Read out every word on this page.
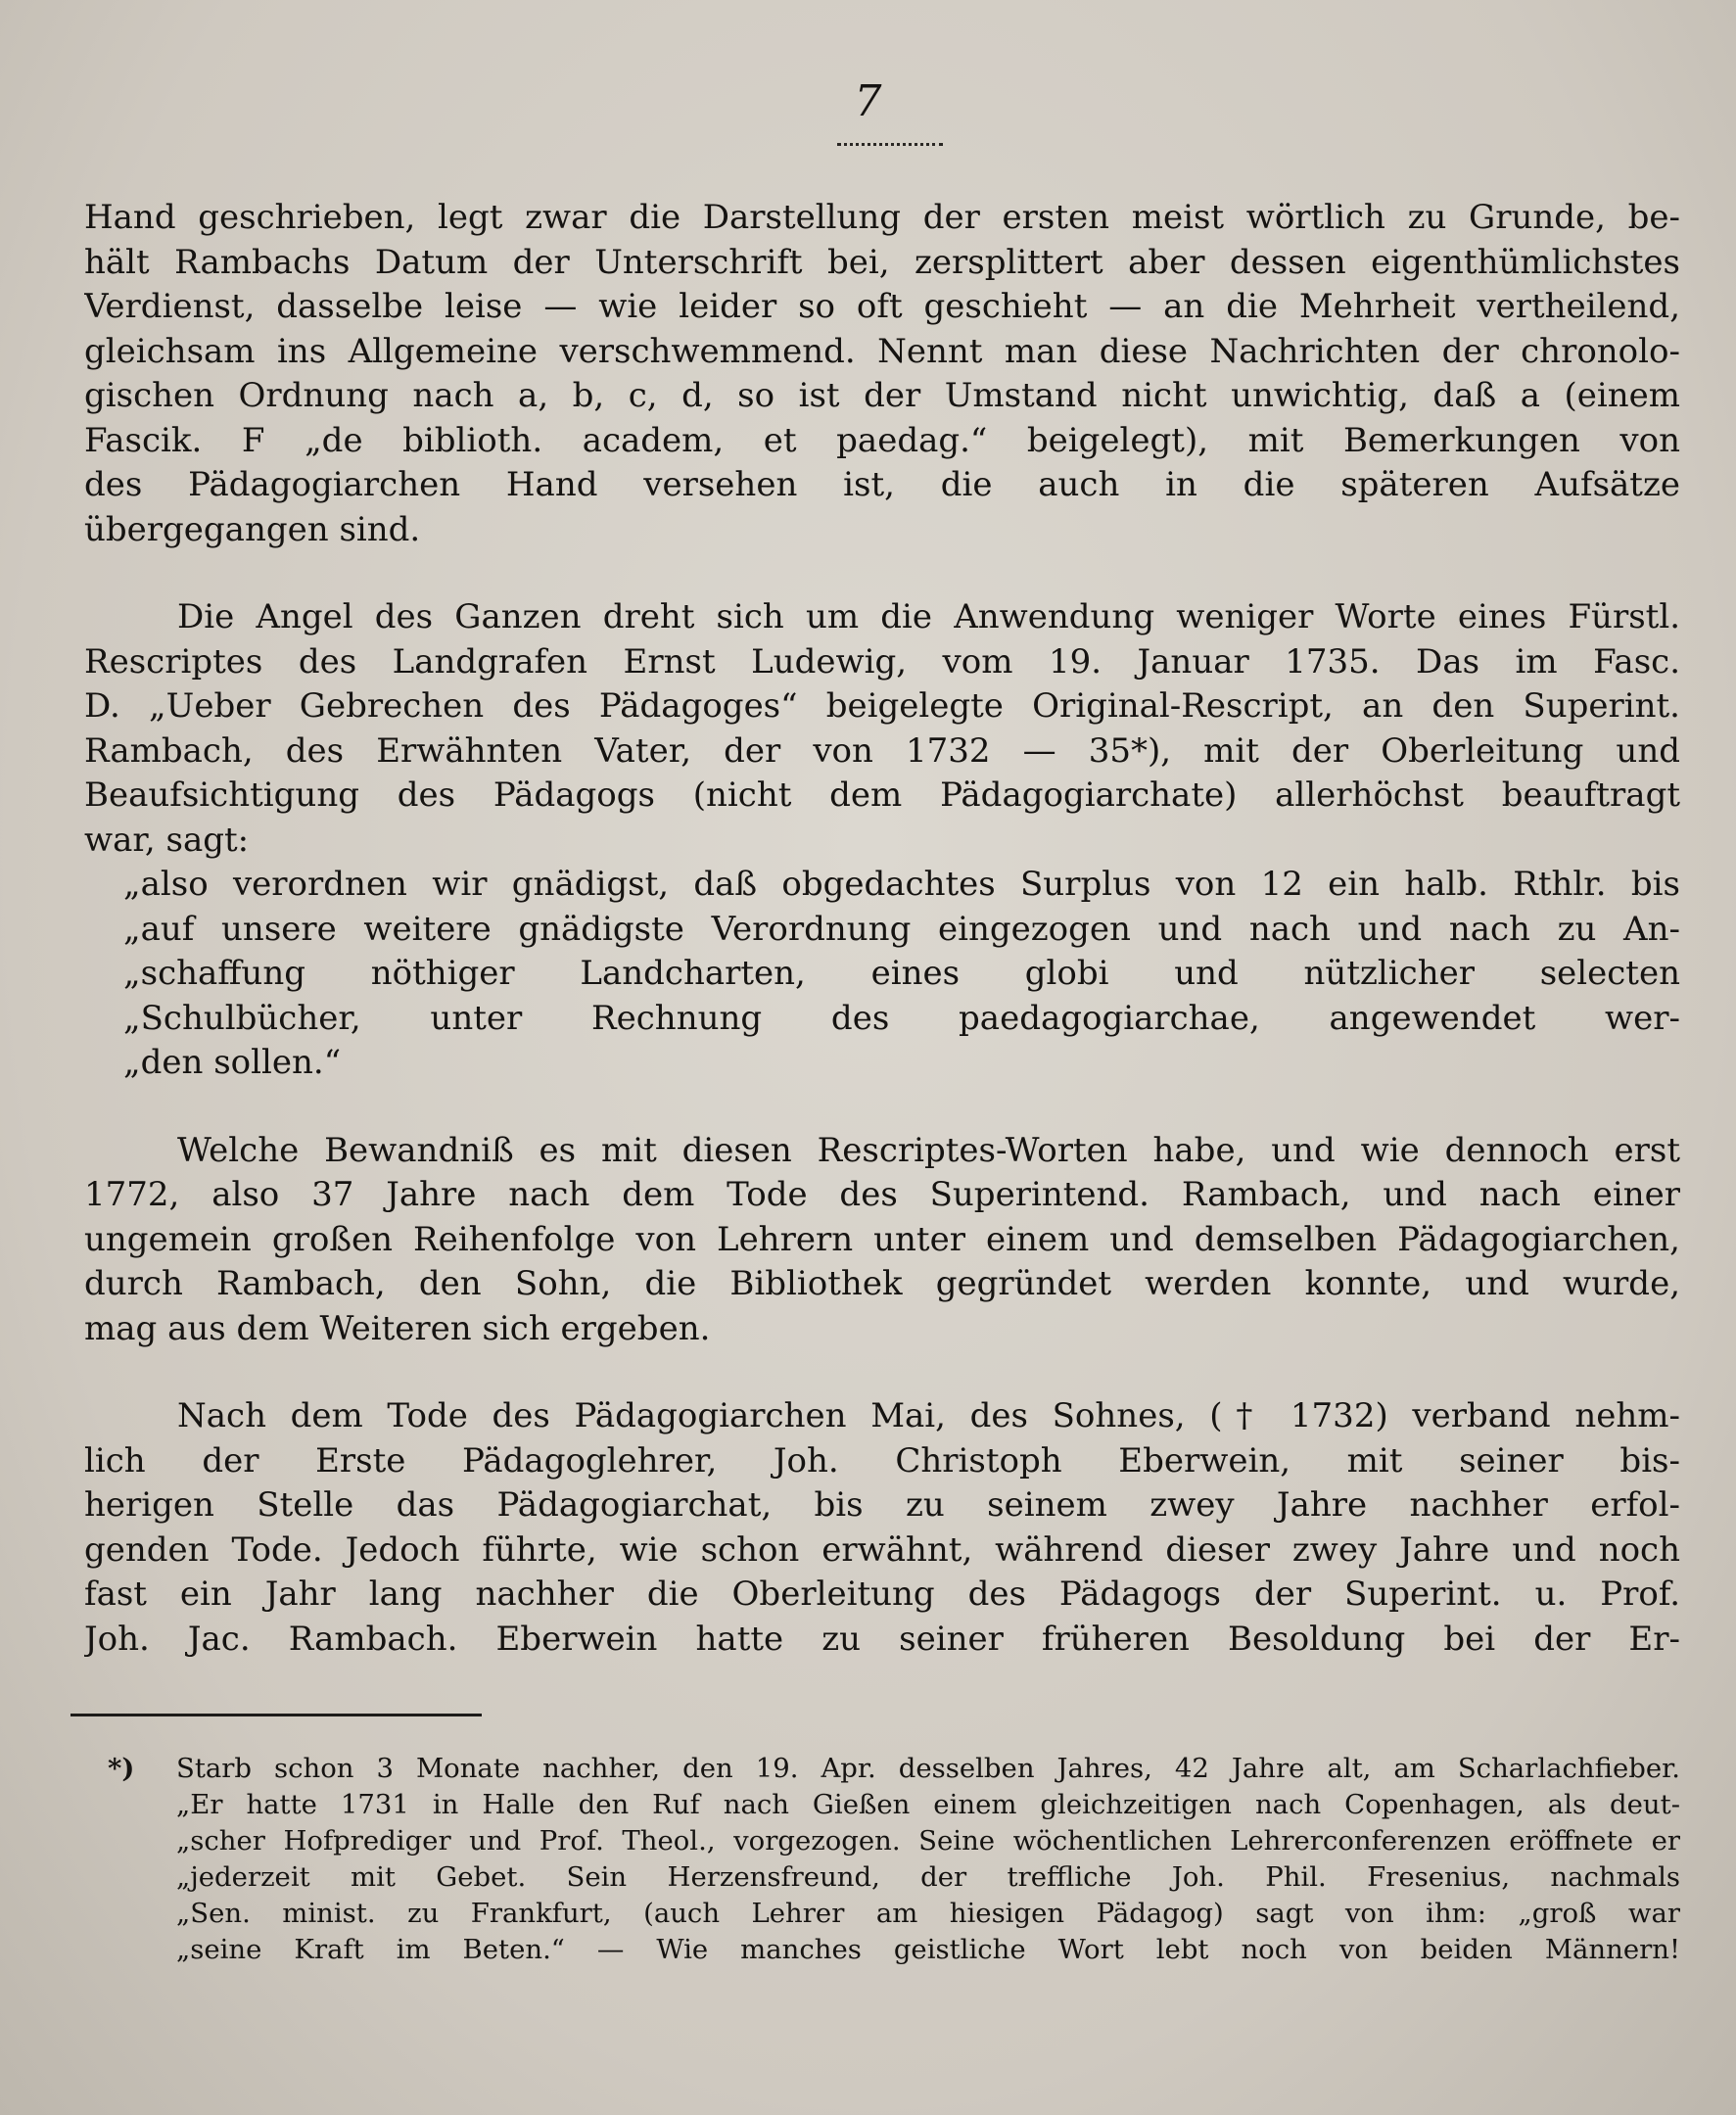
7
Hand geschrieben, legt zwar die Darstellung der ersten meist wörtlich zu Grunde, be-
hält Rambachs Datum der Unterschrift bei, zersplittert aber dessen eigenthümlichstes
Verdienst, dasselbe leise — wie leider so oft geschieht — an die Mehrheit vertheilend,
gleichsam ins Allgemeine verschwemmend. Nennt man diese Nachrichten der chronolo-
gischen Ordnung nach a, b, c, d, so ist der Umstand nicht unwichtig, daß a (einem
Fascik. F „de biblioth. academ, et paedag.“ beigelegt), mit Bemerkungen von
des Pädagogiarchen Hand versehen ist, die auch in die späteren Aufsätze
übergegangen sind.
Die Angel des Ganzen dreht sich um die Anwendung weniger Worte eines Fürstl.
Rescriptes des Landgrafen Ernst Ludewig, vom 19. Januar 1735. Das im Fasc.
D. „Ueber Gebrechen des Pädagoges“ beigelegte Original-Rescript, an den Superint.
Rambach, des Erwähnten Vater, der von 1732 — 35*), mit der Oberleitung und
Beaufsichtigung des Pädagogs (nicht dem Pädagogiarchate) allerhöchst beauftragt
war, sagt:
„also verordnen wir gnädigst, daß obgedachtes Surplus von 12 ein halb. Rthlr. bis
„auf unsere weitere gnädigste Verordnung eingezogen und nach und nach zu An-
„schaffung nöthiger Landcharten, eines globi und nützlicher selecten
„Schulbücher, unter Rechnung des paedagogiarchae, angewendet wer-
„den sollen.“
Welche Bewandniß es mit diesen Rescriptes-Worten habe, und wie dennoch erst
1772, also 37 Jahre nach dem Tode des Superintend. Rambach, und nach einer
ungemein großen Reihenfolge von Lehrern unter einem und demselben Pädagogiarchen,
durch Rambach, den Sohn, die Bibliothek gegründet werden konnte, und wurde,
mag aus dem Weiteren sich ergeben.
Nach dem Tode des Pädagogiarchen Mai, des Sohnes, († 1732) verband nehm-
lich der Erste Pädagoglehrer, Joh. Christoph Eberwein, mit seiner bis-
herigen Stelle das Pädagogiarchat, bis zu seinem zwey Jahre nachher erfol-
genden Tode. Jedoch führte, wie schon erwähnt, während dieser zwey Jahre und noch
fast ein Jahr lang nachher die Oberleitung des Pädagogs der Superint. u. Prof.
Joh. Jac. Rambach. Eberwein hatte zu seiner früheren Besoldung bei der Er-
*) Starb schon 3 Monate nachher, den 19. Apr. desselben Jahres, 42 Jahre alt, am Scharlachfieber.
„Er hatte 1731 in Halle den Ruf nach Gießen einem gleichzeitigen nach Copenhagen, als deut-
„scher Hofprediger und Prof. Theol., vorgezogen. Seine wöchentlichen Lehrerconferenzen eröffnete er
„jederzeit mit Gebet. Sein Herzensfreund, der treffliche Joh. Phil. Fresenius, nachmals
„Sen. minist. zu Frankfurt, (auch Lehrer am hiesigen Pädagog) sagt von ihm: „groß war
„seine Kraft im Beten.“ — Wie manches geistliche Wort lebt noch von beiden Männern!
